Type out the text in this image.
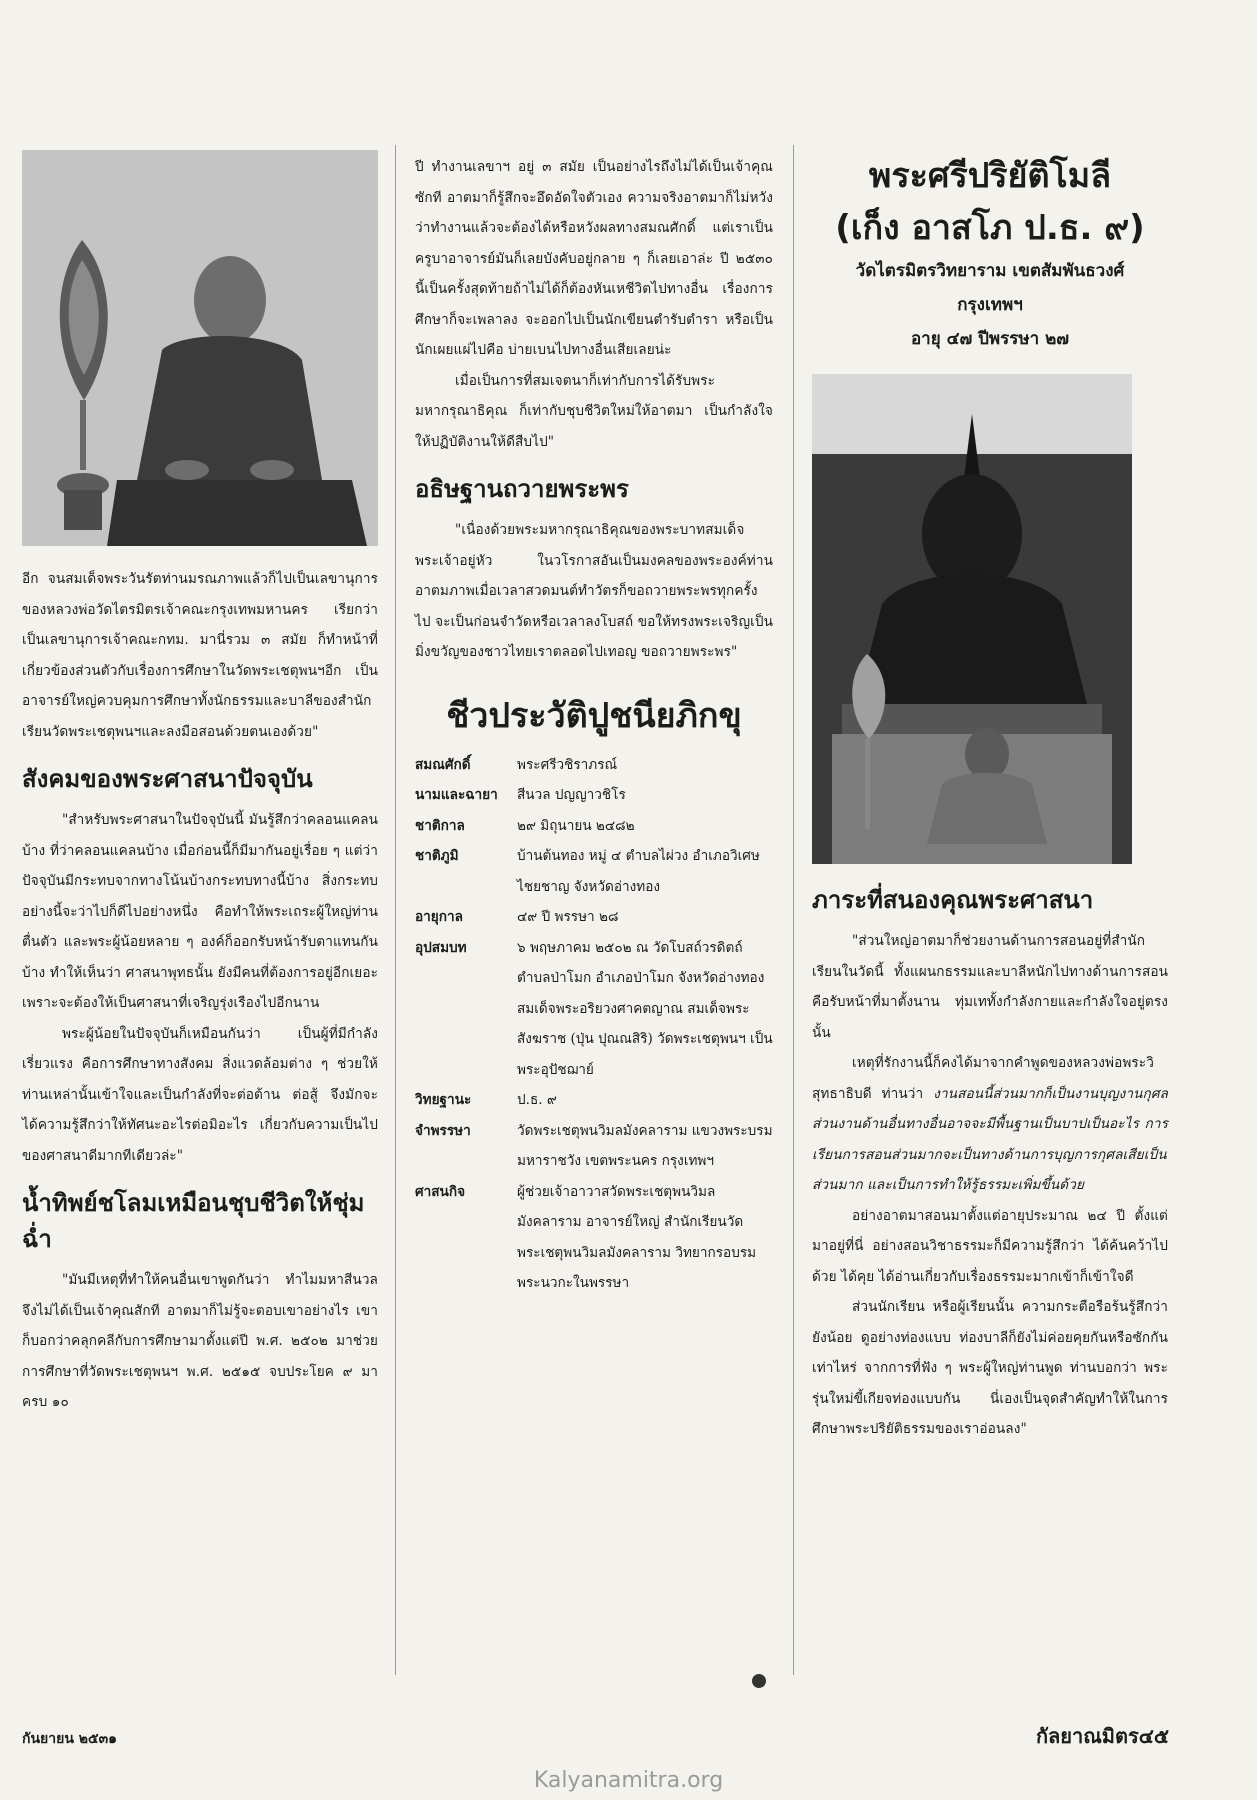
อีก จนสมเด็จพระวันรัตท่านมรณภาพแล้วก็ไปเป็นเลขานุการของหลวงพ่อวัดไตรมิตรเจ้าคณะกรุงเทพมหานคร เรียกว่าเป็นเลขานุการเจ้าคณะกทม. มานี่รวม ๓ สมัย ก็ทำหน้าที่เกี่ยวข้องส่วนตัวกับเรื่องการศึกษาในวัดพระเชตุพนฯอีก เป็นอาจารย์ใหญ่ควบคุมการศึกษาทั้งนักธรรมและบาลีของสำนักเรียนวัดพระเชตุพนฯและลงมือสอนด้วยตนเองด้วย"

สังคมของพระศาสนาปัจจุบัน

"สำหรับพระศาสนาในปัจจุบันนี้ มันรู้สึกว่าคลอนแคลนบ้าง ที่ว่าคลอนแคลนบ้าง เมื่อก่อนนี้ก็มีมากันอยู่เรื่อย ๆ แต่ว่าปัจจุบันมีกระทบจากทางโน้นบ้างกระทบทางนี้บ้าง สิ่งกระทบอย่างนี้จะว่าไปก็ดีไปอย่างหนึ่ง คือทำให้พระเถระผู้ใหญ่ท่านตื่นตัว และพระผู้น้อยหลาย ๆ องค์ก็ออกรับหน้ารับตาแทนกันบ้าง ทำให้เห็นว่า ศาสนาพุทธนั้น ยังมีคนที่ต้องการอยู่อีกเยอะ เพราะจะต้องให้เป็นศาสนาที่เจริญรุ่งเรืองไปอีกนาน

พระผู้น้อยในปัจจุบันก็เหมือนกันว่า เป็นผู้ที่มีกำลังเรี่ยวแรง คือการศึกษาทางสังคม สิ่งแวดล้อมต่าง ๆ ช่วยให้ท่านเหล่านั้นเข้าใจและเป็นกำลังที่จะต่อต้าน ต่อสู้ จึงมักจะได้ความรู้สึกว่าให้ทัศนะอะไรต่อมิอะไร เกี่ยวกับความเป็นไปของศาสนาดีมากทีเดียวล่ะ"

น้ำทิพย์ชโลมเหมือนชุบชีวิตให้ชุ่มฉ่ำ

"มันมีเหตุที่ทำให้คนอื่นเขาพูดกันว่า ทำไมมหาสีนวลจึงไม่ได้เป็นเจ้าคุณสักที อาตมาก็ไม่รู้จะตอบเขาอย่างไร เขาก็บอกว่าคลุกคลีกับการศึกษามาตั้งแต่ปี พ.ศ. ๒๕๐๒ มาช่วยการศึกษาที่วัดพระเชตุพนฯ พ.ศ. ๒๕๑๕ จบประโยค ๙ มาครบ ๑๐

ปี ทำงานเลขาฯ อยู่ ๓ สมัย เป็นอย่างไรถึงไม่ได้เป็นเจ้าคุณซักที อาตมาก็รู้สึกจะอึดอัดใจตัวเอง ความจริงอาตมาก็ไม่หวังว่าทำงานแล้วจะต้องได้หรือหวังผลทางสมณศักดิ์ แต่เราเป็นครูบาอาจารย์มันก็เลยบังคับอยู่กลาย ๆ ก็เลยเอาล่ะ ปี ๒๕๓๐ นี้เป็นครั้งสุดท้ายถ้าไม่ได้ก็ต้องหันเหชีวิตไปทางอื่น เรื่องการศึกษาก็จะเพลาลง จะออกไปเป็นนักเขียนตำรับตำรา หรือเป็นนักเผยแผ่ไปคือ บ่ายเบนไปทางอื่นเสียเลยน่ะ

เมื่อเป็นการที่สมเจตนาก็เท่ากับการได้รับพระมหากรุณาธิคุณ ก็เท่ากับชุบชีวิตใหม่ให้อาตมา เป็นกำลังใจให้ปฏิบัติงานให้ดีสืบไป"

อธิษฐานถวายพระพร

"เนื่องด้วยพระมหากรุณาธิคุณของพระบาทสมเด็จพระเจ้าอยู่หัว ในวโรกาสอันเป็นมงคลของพระองค์ท่าน อาตมภาพเมื่อเวลาสวดมนต์ทำวัตรก็ขอถวายพระพรทุกครั้งไป จะเป็นก่อนจำวัดหรือเวลาลงโบสถ์ ขอให้ทรงพระเจริญเป็นมิ่งขวัญของชาวไทยเราตลอดไปเทอญ ขอถวายพระพร"

ชีวประวัติปูชนียภิกขุ
สมณศักดิ์	พระศรีวชิราภรณ์
นามและฉายา	สีนวล ปญญาวชิโร
ชาติกาล	๒๙ มิถุนายน ๒๔๘๒
ชาติภูมิ	บ้านต้นทอง หมู่ ๔ ตำบลไผ่วง อำเภอวิเศษไชยชาญ จังหวัดอ่างทอง
อายุกาล	๔๙ ปี พรรษา ๒๘
อุปสมบท	๖ พฤษภาคม ๒๕๐๒ ณ วัดโบสถ์วรดิตถ์ ตำบลป่าโมก อำเภอป่าโมก จังหวัดอ่างทอง สมเด็จพระอริยวงศาคตญาณ สมเด็จพระสังฆราช (ปุ่น ปุณณสิริ) วัดพระเชตุพนฯ เป็นพระอุปัชฌาย์
วิทยฐานะ	ป.ธ. ๙
จำพรรษา	วัดพระเชตุพนวิมลมังคลาราม แขวงพระบรมมหาราชวัง เขตพระนคร กรุงเทพฯ
ศาสนกิจ	ผู้ช่วยเจ้าอาวาสวัดพระเชตุพนวิมลมังคลาราม อาจารย์ใหญ่ สำนักเรียนวัดพระเชตุพนวิมลมังคลาราม วิทยากรอบรมพระนวกะในพรรษา
พระศรีปริยัติโมลี
(เก็ง อาสโภ ป.ธ. ๙)
วัดไตรมิตรวิทยาราม เขตสัมพันธวงศ์
กรุงเทพฯ
อายุ ๔๗ ปีพรรษา ๒๗
ภาระที่สนองคุณพระศาสนา

"ส่วนใหญ่อาตมาก็ช่วยงานด้านการสอนอยู่ที่สำนักเรียนในวัดนี้ ทั้งแผนกธรรมและบาลีหนักไปทางด้านการสอน คือรับหน้าที่มาตั้งนาน ทุ่มเททั้งกำลังกายและกำลังใจอยู่ตรงนั้น

เหตุที่รักงานนี้ก็คงได้มาจากคำพูดของหลวงพ่อพระวิสุทธาธิบดี ท่านว่า งานสอนนี้ส่วนมากก็เป็นงานบุญงานกุศล ส่วนงานด้านอื่นทางอื่นอาจจะมีพื้นฐานเป็นบาปเป็นอะไร การเรียนการสอนส่วนมากจะเป็นทางด้านการบุญการกุศลเสียเป็นส่วนมาก และเป็นการทำให้รู้ธรรมะเพิ่มขึ้นด้วย

อย่างอาตมาสอนมาตั้งแต่อายุประมาณ ๒๔ ปี ตั้งแต่มาอยู่ที่นี่ อย่างสอนวิชาธรรมะก็มีความรู้สึกว่า ได้ค้นคว้าไปด้วย ได้คุย ได้อ่านเกี่ยวกับเรื่องธรรมะมากเข้าก็เข้าใจดี

ส่วนนักเรียน หรือผู้เรียนนั้น ความกระตือรือร้นรู้สึกว่ายังน้อย ดูอย่างท่องแบบ ท่องบาลีก็ยังไม่ค่อยคุยกันหรือซักกันเท่าไหร่ จากการที่ฟัง ๆ พระผู้ใหญ่ท่านพูด ท่านบอกว่า พระรุ่นใหม่ขี้เกียจท่องแบบกัน นี่เองเป็นจุดสำคัญทำให้ในการศึกษาพระปริยัติธรรมของเราอ่อนลง"

กันยายน ๒๕๓๑	กัลยาณมิตร๔๕
Kalyanamitra.org
